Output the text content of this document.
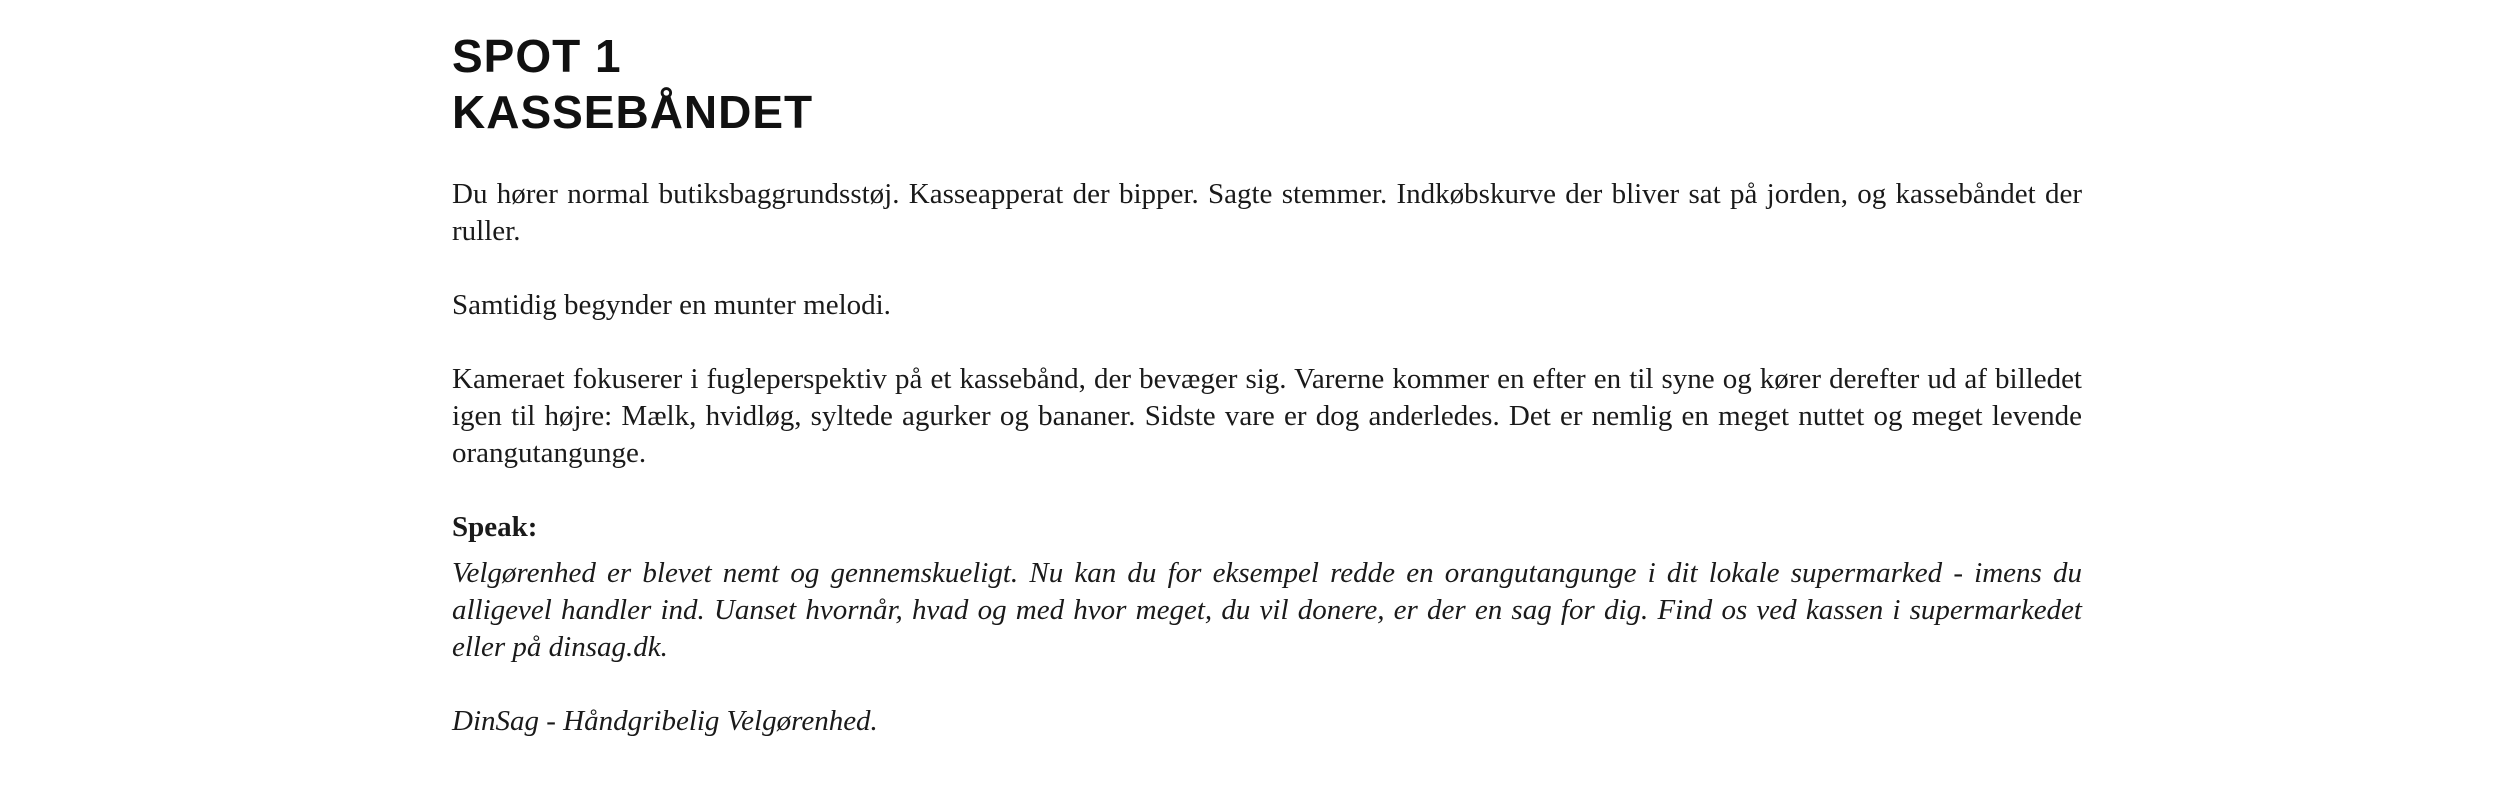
SPOT 1
KASSEBÅNDET

Du hører normal butiksbaggrundsstøj. Kasseapperat der bipper. Sagte stemmer. Indkøbskurve der bliver sat på jorden, og kassebåndet der ruller.

Samtidig begynder en munter melodi.

Kameraet fokuserer i fugleperspektiv på et kassebånd, der bevæger sig. Varerne kommer en efter en til syne og kører derefter ud af billedet igen til højre: Mælk, hvidløg, syltede agurker og bananer. Sidste vare er dog anderledes. Det er nemlig en meget nuttet og meget levende orangutangunge.

Speak:

Velgørenhed er blevet nemt og gennemskueligt. Nu kan du for eksempel redde en orangutangunge i dit lokale supermarked - imens du alligevel handler ind. Uanset hvornår, hvad og med hvor meget, du vil donere, er der en sag for dig. Find os ved kassen i supermarkedet eller på dinsag.dk.

DinSag - Håndgribelig Velgørenhed.
